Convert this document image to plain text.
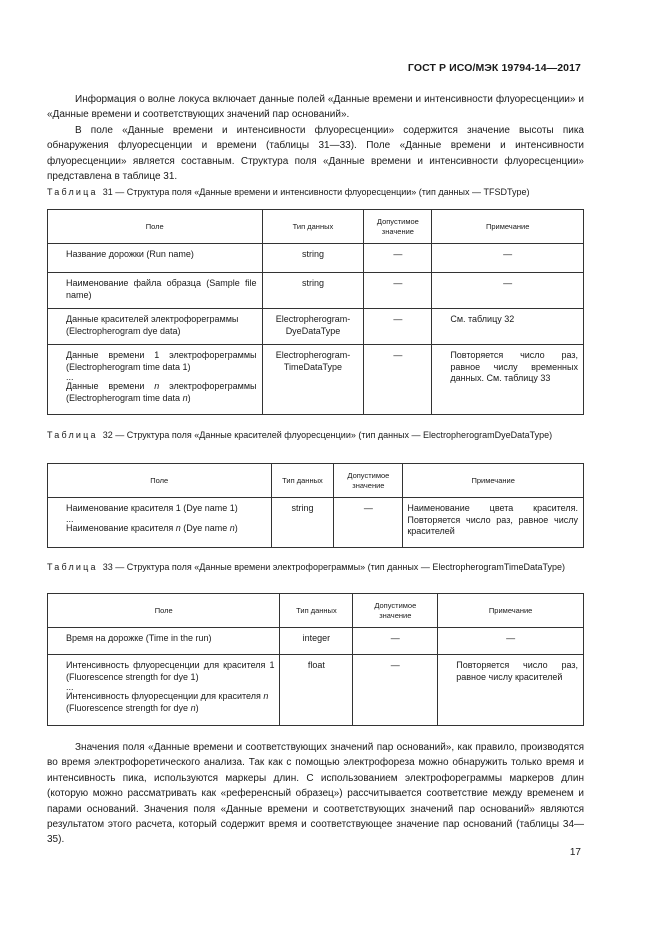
ГОСТ Р ИСО/МЭК 19794-14—2017

Информация о волне локуса включает данные полей «Данные времени и интенсивности флуоресценции» и «Данные времени и соответствующих значений пар оснований».

В поле «Данные времени и интенсивности флуоресценции» содержится значение высоты пика обнаружения флуоресценции и времени (таблицы 31—33). Поле «Данные времени и интенсивности флуоресценции» является составным. Структура поля «Данные времени и интенсивности флуоресценции» представлена в таблице 31.

Таблица 31 — Структура поля «Данные времени и интенсивности флуоресценции» (тип данных — TFSDType)
Поле	Тип данных	Допустимое значение	Примечание
Название дорожки (Run name)	string	—	—
Наименование файла образца (Sample file name)	string	—	—
Данные красителей электрофореграммы (Electropherogram dye data)	Electropherogram-DyeDataType	—	См. таблицу 32

Данные времени 1 электрофореграммы (Electropherogram time data 1)
...
Данные времени n электрофореграммы (Electropherogram time data n)	Electropherogram-TimeDataType	—	Повторяется число раз, равное числу временных данных. См. таблицу 33
Таблица 32 — Структура поля «Данные красителей флуоресценции» (тип данных — ElectropherogramDyeDataType)
Поле	Тип данных	Допустимое значение	Примечание

Наименование красителя 1 (Dye name 1)
...
Наименование красителя n (Dye name n)	string	—	Наименование цвета красителя. Повторяется число раз, равное числу красителей
Таблица 33 — Структура поля «Данные времени электрофореграммы» (тип данных — ElectropherogramTimeDataType)
Поле	Тип данных	Допустимое значение	Примечание
Время на дорожке (Time in the run)	integer	—	—

Интенсивность флуоресценции для красителя 1 (Fluorescence strength for dye 1)
...
Интенсивность флуоресценции для красителя n (Fluorescence strength for dye n)	float	—	Повторяется число раз, равное числу красителей

Значения поля «Данные времени и соответствующих значений пар оснований», как правило, производятся во время электрофоретического анализа. Так как с помощью электрофореза можно обнаружить только время и интенсивность пика, используются маркеры длин. С использованием электрофореграммы маркеров длин (которую можно рассматривать как «референсный образец») рассчитывается соответствие между временем и парами оснований. Значения поля «Данные времени и соответствующих значений пар оснований» являются результатом этого расчета, который содержит время и соответствующее значение пар оснований (таблицы 34—35).

17
